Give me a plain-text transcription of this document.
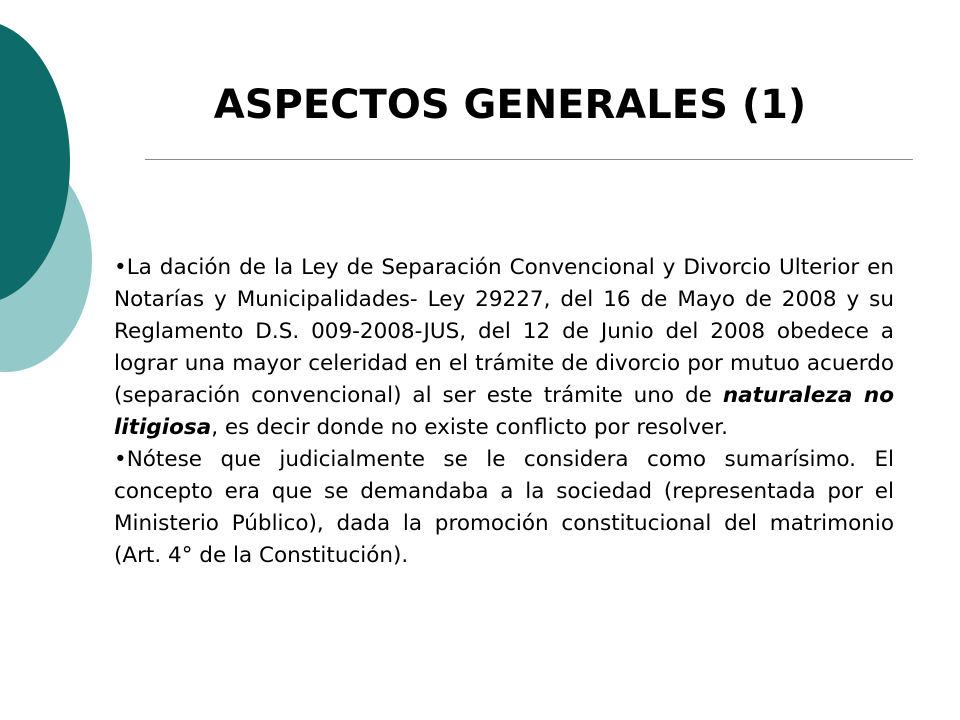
ASPECTOS GENERALES (1)

•La dación de la Ley de Separación Convencional y Divorcio Ulterior en Notarías y Municipalidades- Ley 29227, del 16 de Mayo de 2008 y su Reglamento D.S. 009-2008-JUS, del 12 de Junio del 2008 obedece a lograr una mayor celeridad en el trámite de divorcio por mutuo acuerdo (separación convencional) al ser este trámite uno de naturaleza no litigiosa, es decir donde no existe conflicto por resolver.

•Nótese que judicialmente se le considera como sumarísimo. El concepto era que se demandaba a la sociedad (representada por el Ministerio Público), dada la promoción constitucional del matrimonio (Art. 4° de la Constitución).
